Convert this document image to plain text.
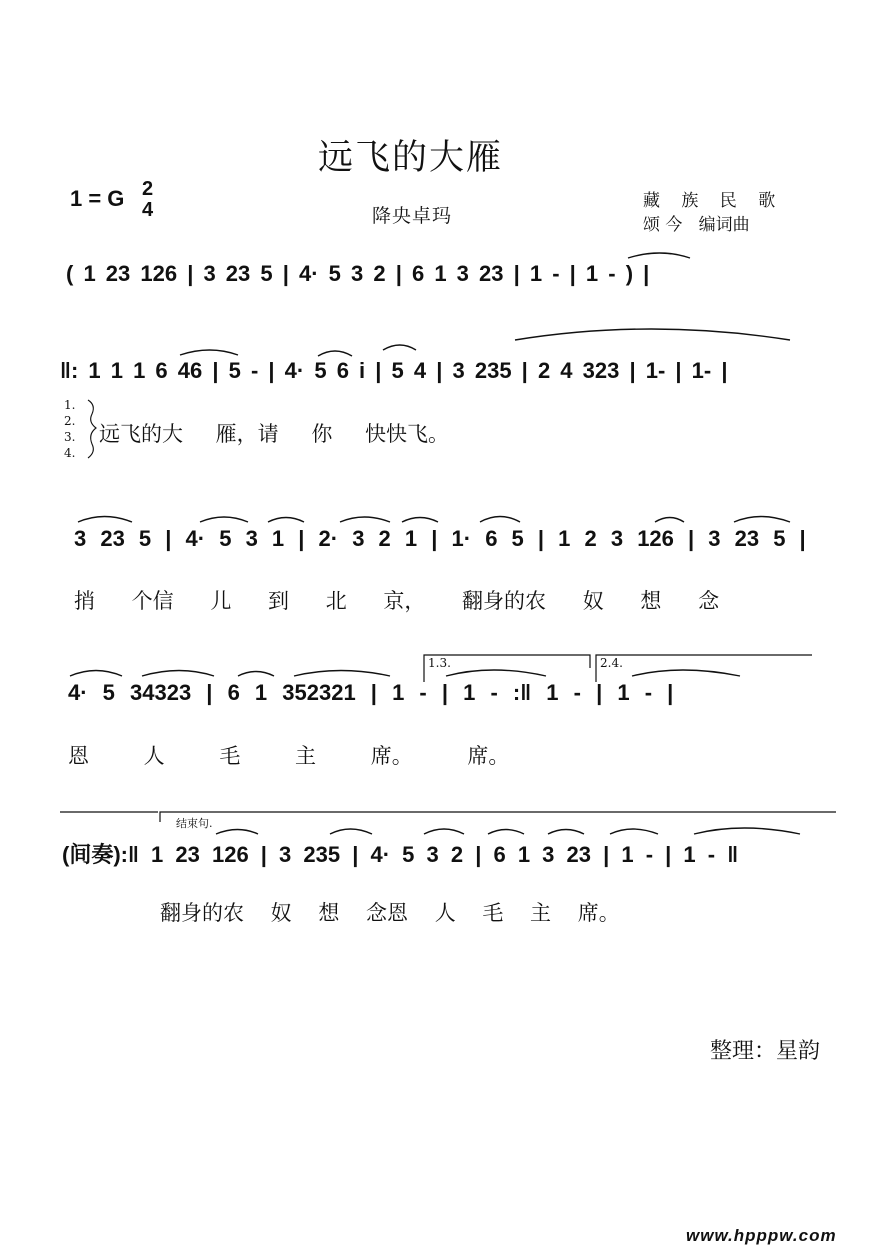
远飞的大雁
1 = G 2
4	降央卓玛
藏 族 民 歌
颂 今   编词曲
( 1 23 126 | 3 23 5 | 4· 5 3 2 | 6 1 3 23 | 1 - | 1 - ) |
‖: 1 1 1 6 46 | 5 - | 4· 5 6 i | 5 4 | 3 235 | 2 4 323 | 1- | 1- |
1.
2.
3.
4.
远飞的大 雁，请 你 快快飞。
3 23 5 | 4· 5 3 1 | 2· 3 2 1 | 1· 6 5 | 1 2 3 126 | 3 23 5 |
捎 个信 儿 到 北 京， 翻身的农 奴 想 念
1.3.	2.4.
4· 5 34323 | 6 1 352321 | 1 - | 1 - :‖ 1 - | 1 - |
恩 人 毛 主 席。 席。
结束句.
(间奏):‖ 1 23 126 | 3 235 | 4· 5 3 2 | 6 1 3 23 | 1 - | 1 - ‖
翻身的农 奴 想 念恩 人 毛 主 席。
整理：星韵
www.hpppw.com
